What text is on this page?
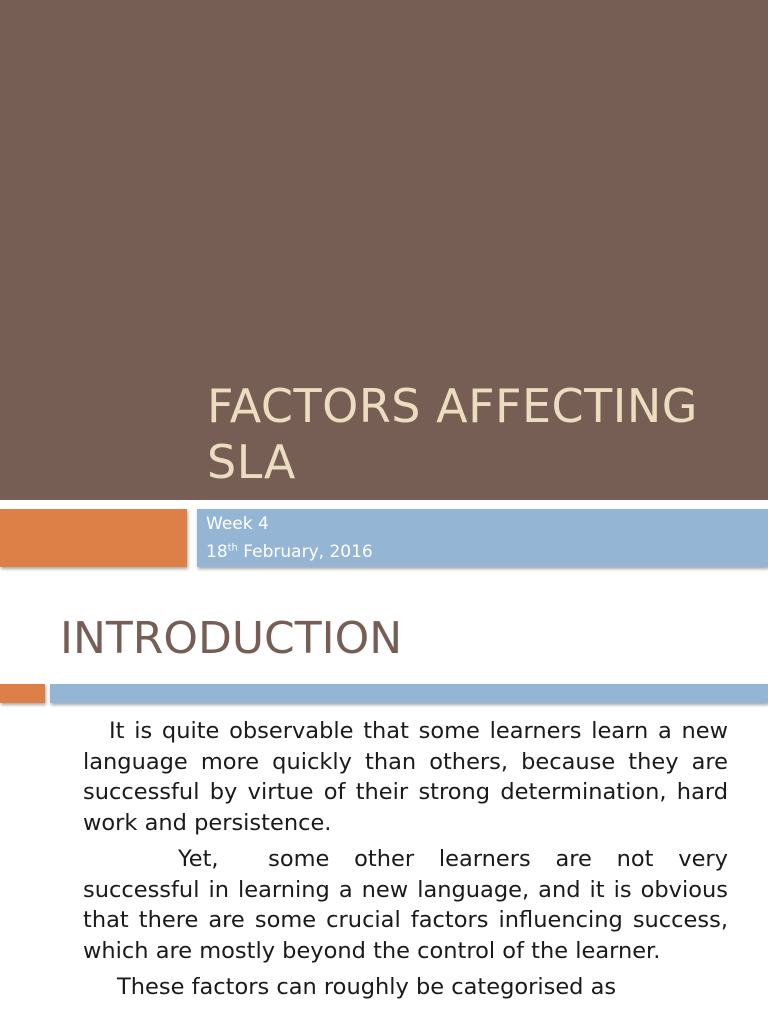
FACTORS AFFECTING
SLA
Week 4
18th February, 2016
INTRODUCTION

It is quite observable that some learners learn a new language more quickly than others, because they are successful by virtue of their strong determination, hard work and persistence.

Yet,  some other learners are not very successful in learning a new language, and it is obvious that there are some crucial factors influencing success, which are mostly beyond the control of the learner.

These factors can roughly be categorised as
